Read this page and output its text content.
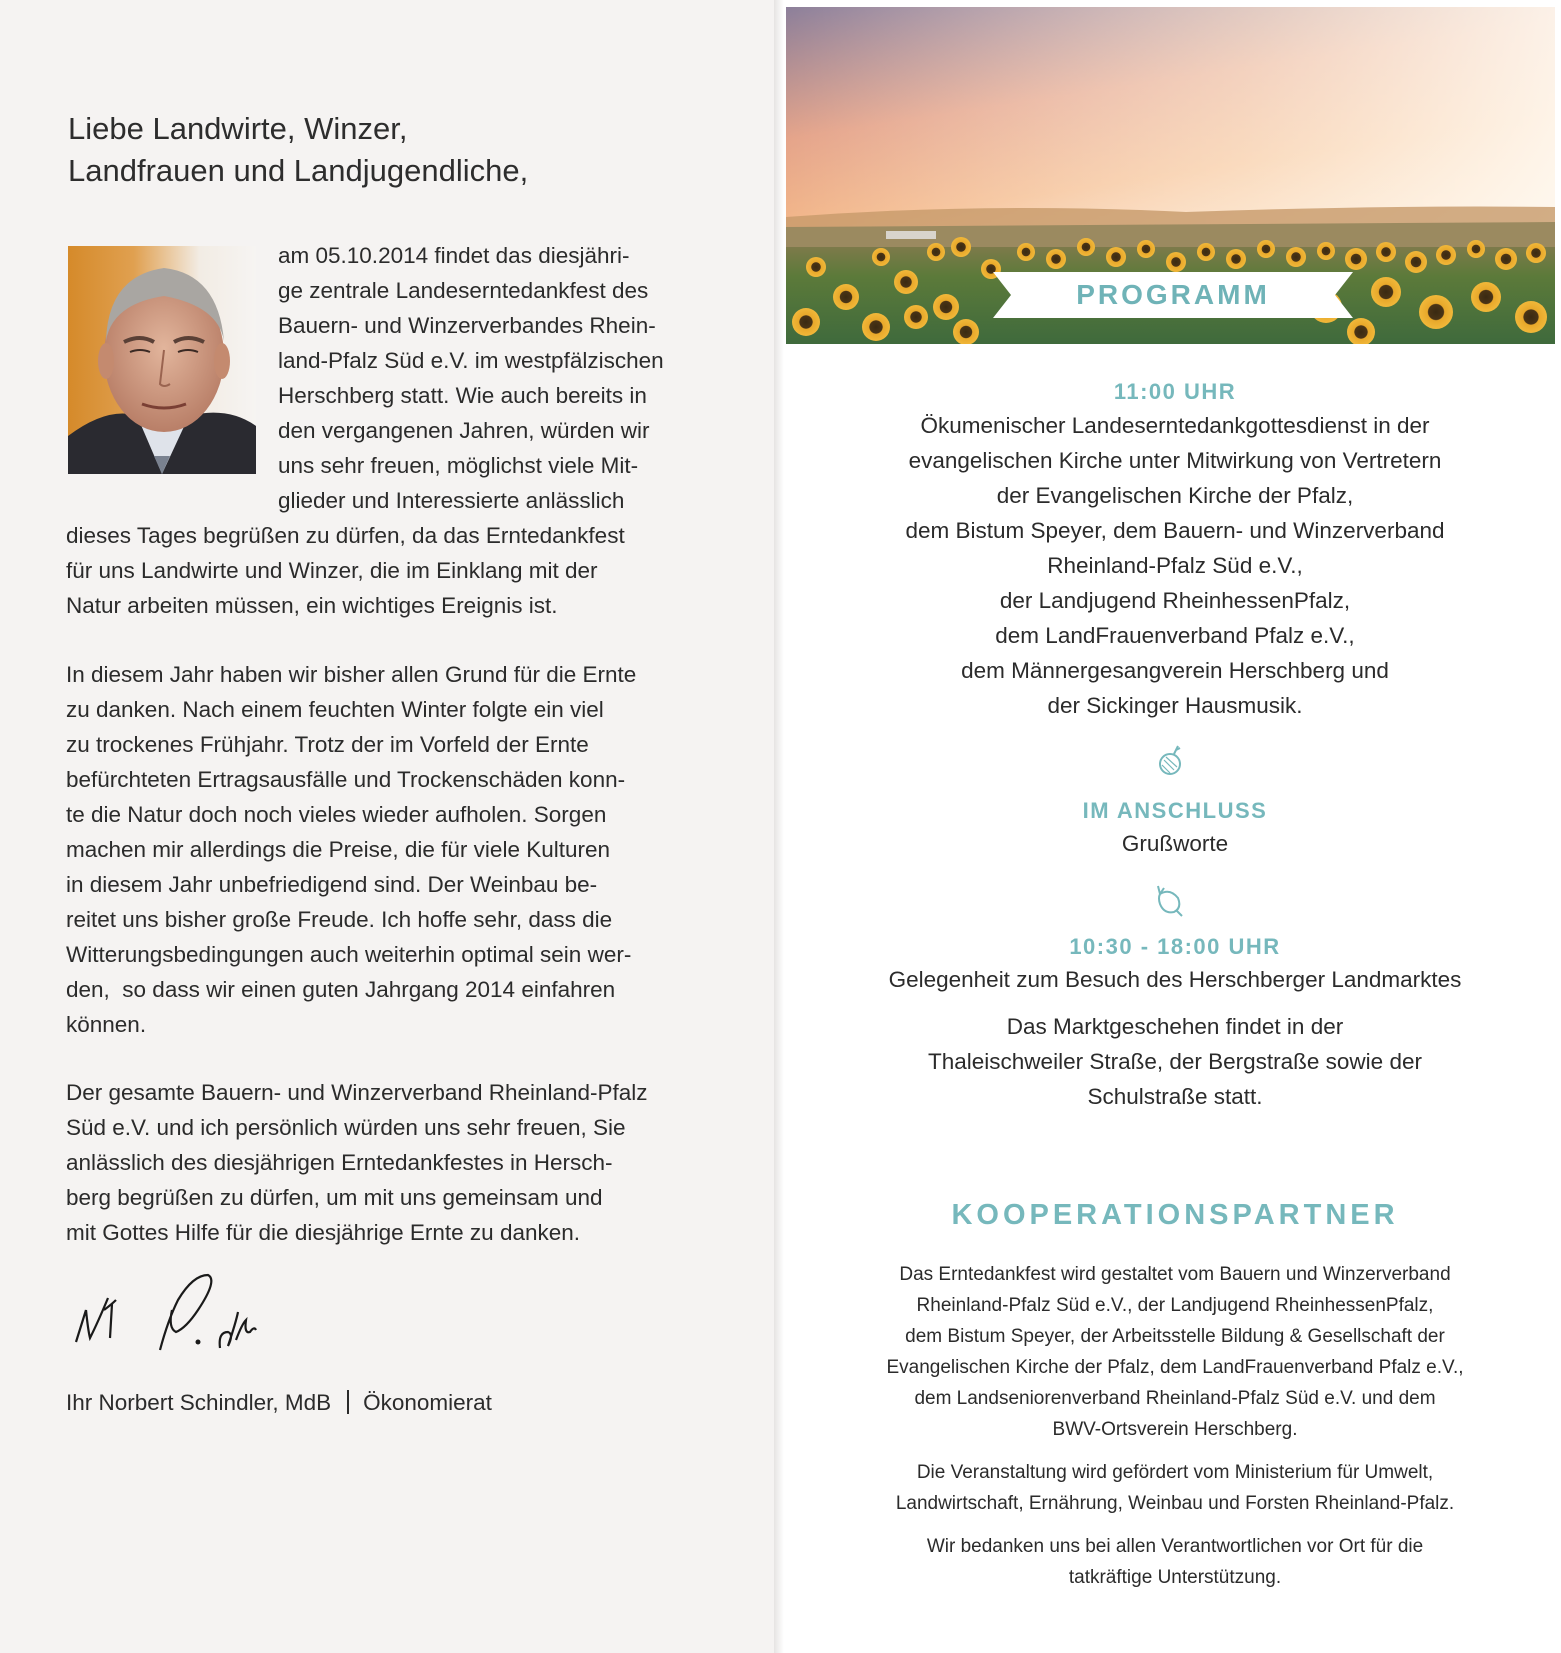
Liebe Landwirte, Winzer,
Landfrauen und Landjugendliche,
am 05.10.2014 findet das diesjähri-
ge zentrale Landeserntedankfest des
Bauern- und Winzerverbandes Rhein-
land-Pfalz Süd e.V. im westpfälzischen
Herschberg statt. Wie auch bereits in
den vergangenen Jahren, würden wir
uns sehr freuen, möglichst viele Mit-
glieder und Interessierte anlässlich
dieses Tages begrüßen zu dürfen, da das Erntedankfest
für uns Landwirte und Winzer, die im Einklang mit der
Natur arbeiten müssen, ein wichtiges Ereignis ist.
In diesem Jahr haben wir bisher allen Grund für die Ernte
zu danken. Nach einem feuchten Winter folgte ein viel
zu trockenes Frühjahr. Trotz der im Vorfeld der Ernte
befürchteten Ertragsausfälle und Trockenschäden konn-
te die Natur doch noch vieles wieder aufholen. Sorgen
machen mir allerdings die Preise, die für viele Kulturen
in diesem Jahr unbefriedigend sind. Der Weinbau be-
reitet uns bisher große Freude. Ich hoffe sehr, dass die
Witterungsbedingungen auch weiterhin optimal sein wer-
den,  so dass wir einen guten Jahrgang 2014 einfahren
können.
Der gesamte Bauern- und Winzerverband Rheinland-Pfalz
Süd e.V. und ich persönlich würden uns sehr freuen, Sie
anlässlich des diesjährigen Erntedankfestes in Hersch-
berg begrüßen zu dürfen, um mit uns gemeinsam und
mit Gottes Hilfe für die diesjährige Ernte zu danken.
Ihr Norbert Schindler, MdB Ökonomierat
PROGRAMM
11:00 UHR
Ökumenischer Landeserntedankgottesdienst in der
evangelischen Kirche unter Mitwirkung von Vertretern
der Evangelischen Kirche der Pfalz,
dem Bistum Speyer, dem Bauern- und Winzerverband
Rheinland-Pfalz Süd e.V.,
der Landjugend RheinhessenPfalz,
dem LandFrauenverband Pfalz e.V.,
dem Männergesangverein Herschberg und
der Sickinger Hausmusik.
IM ANSCHLUSS
Grußworte
10:30 - 18:00 UHR
Gelegenheit zum Besuch des Herschberger Landmarktes
Das Marktgeschehen findet in der
Thaleischweiler Straße, der Bergstraße sowie der
Schulstraße statt.
KOOPERATIONSPARTNER
Das Erntedankfest wird gestaltet vom Bauern und Winzerverband
Rheinland-Pfalz Süd e.V., der Landjugend RheinhessenPfalz,
dem Bistum Speyer, der Arbeitsstelle Bildung & Gesellschaft der
Evangelischen Kirche der Pfalz, dem LandFrauenverband Pfalz e.V.,
dem Landseniorenverband Rheinland-Pfalz Süd e.V. und dem
BWV-Ortsverein Herschberg.
Die Veranstaltung wird gefördert vom Ministerium für Umwelt,
Landwirtschaft, Ernährung, Weinbau und Forsten Rheinland-Pfalz.
Wir bedanken uns bei allen Verantwortlichen vor Ort für die
tatkräftige Unterstützung.
